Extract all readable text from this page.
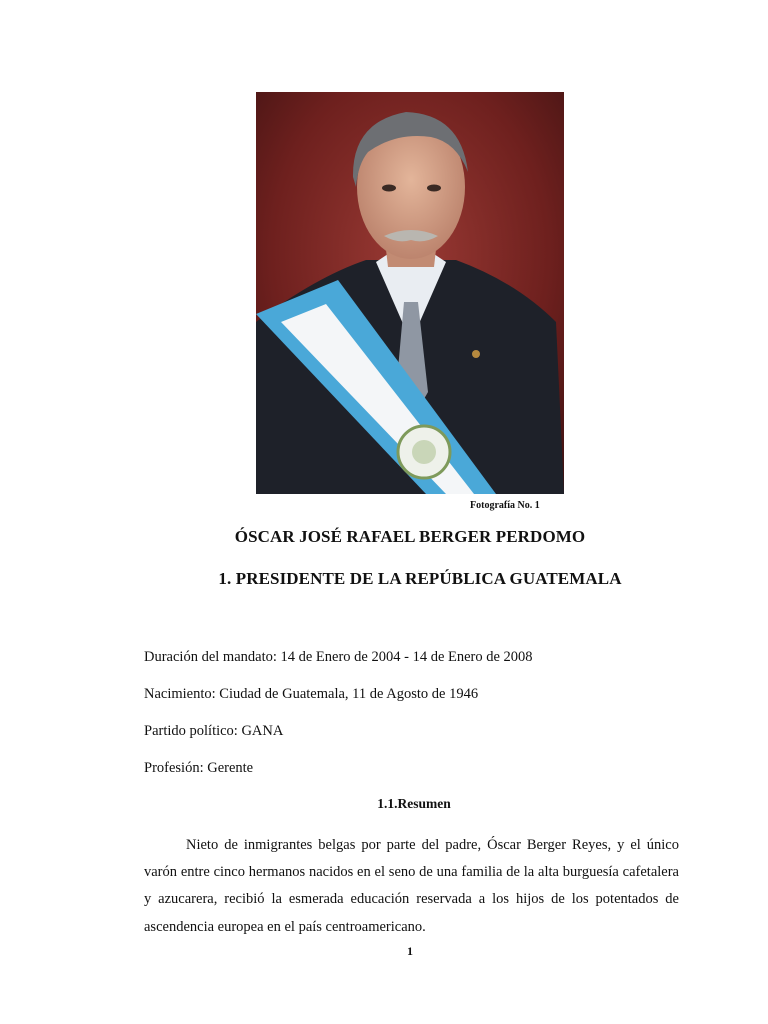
Fotografía No. 1
ÓSCAR JOSÉ RAFAEL BERGER PERDOMO
1. PRESIDENTE DE LA REPÚBLICA GUATEMALA
Duración del mandato: 14 de Enero de 2004 - 14 de Enero de 2008
Nacimiento: Ciudad de Guatemala, 11 de Agosto de 1946
Partido político: GANA
Profesión: Gerente
1.1.Resumen

Nieto de inmigrantes belgas por parte del padre, Óscar Berger Reyes, y el único varón entre cinco hermanos nacidos en el seno de una familia de la alta burguesía cafetalera y azucarera, recibió la esmerada educación reservada a los hijos de los potentados de ascendencia europea en el país centroamericano.

1
